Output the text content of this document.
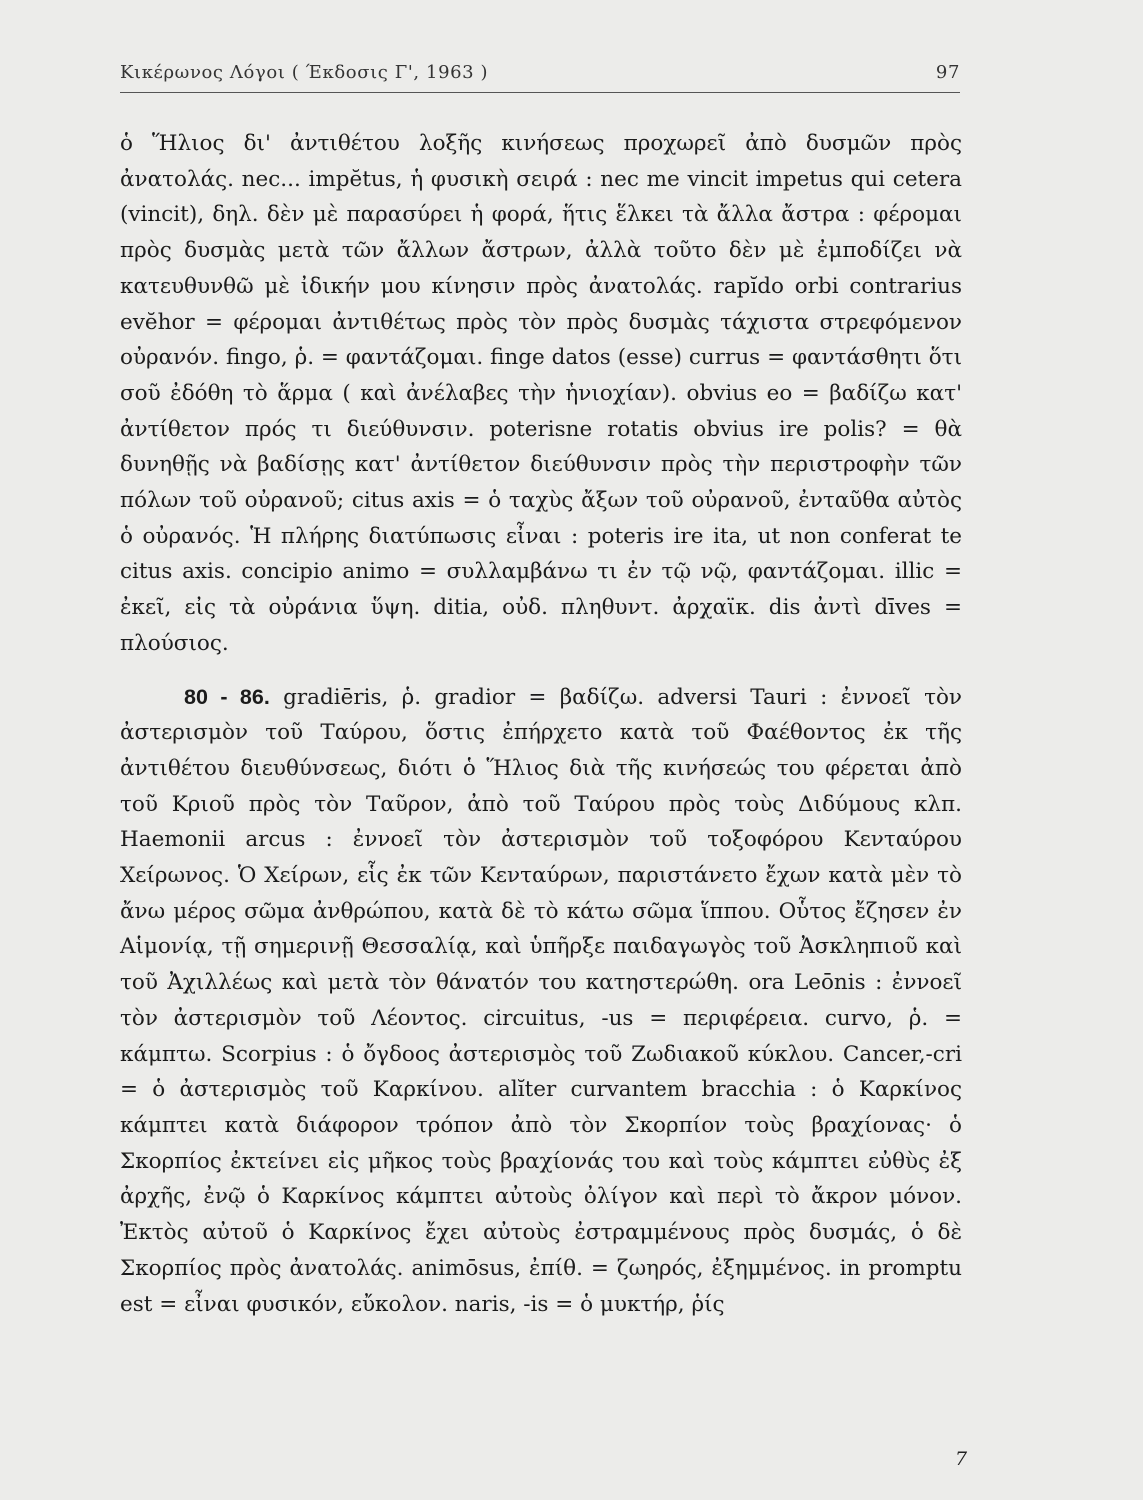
Κικέρωνος Λόγοι ( Έκδοσις Γ', 1963 )	97

ὁ Ἥλιος δι' ἀντιθέτου λοξῆς κινήσεως προχωρεῖ ἀπὸ δυσμῶν πρὸς ἀνατολάς. nec... impĕtus, ἡ φυσικὴ σειρά : nec me vincit impetus qui cetera (vincit), δηλ. δὲν μὲ παρασύρει ἡ φορά, ἥτις ἕλκει τὰ ἄλλα ἄστρα : φέρομαι πρὸς δυσμὰς μετὰ τῶν ἄλλων ἄστρων, ἀλλὰ τοῦτο δὲν μὲ ἐμποδίζει νὰ κατευθυνθῶ μὲ ἰδικήν μου κίνησιν πρὸς ἀνατολάς. rapĭdo orbi contrarius evĕhor = φέρομαι ἀντιθέτως πρὸς τὸν πρὸς δυσμὰς τάχιστα στρεφόμενον οὐρανόν. fingo, ῥ. = φαντάζομαι. finge datos (esse) currus = φαντάσθητι ὅτι σοῦ ἐδόθη τὸ ἅρμα ( καὶ ἀνέλαβες τὴν ἡνιοχίαν). obvius eo = βαδίζω κατ' ἀντίθετον πρός τι διεύθυνσιν. poterisne rotatis obvius ire polis? = θὰ δυνηθῇς νὰ βαδίσῃς κατ' ἀντίθετον διεύθυνσιν πρὸς τὴν περιστροφὴν τῶν πόλων τοῦ οὐρανοῦ; citus axis = ὁ ταχὺς ἄξων τοῦ οὐρανοῦ, ἐνταῦθα αὐτὸς ὁ οὐρανός. Ἡ πλήρης διατύπωσις εἶναι : poteris ire ita, ut non conferat te citus axis. concipio animo = συλλαμβάνω τι ἐν τῷ νῷ, φαντάζομαι. illic = ἐκεῖ, εἰς τὰ οὐράνια ὕψη. ditia, οὐδ. πληθυντ. ἀρχαϊκ. dis ἀντὶ dīves = πλούσιος.

80 - 86. gradiēris, ῥ. gradior = βαδίζω. adversi Tauri : ἐννοεῖ τὸν ἀστερισμὸν τοῦ Ταύρου, ὅστις ἐπήρχετο κατὰ τοῦ Φαέθοντος ἐκ τῆς ἀντιθέτου διευθύνσεως, διότι ὁ Ἥλιος διὰ τῆς κινήσεώς του φέρεται ἀπὸ τοῦ Κριοῦ πρὸς τὸν Ταῦρον, ἀπὸ τοῦ Ταύρου πρὸς τοὺς Διδύμους κλπ. Haemonii arcus : ἐννοεῖ τὸν ἀστερισμὸν τοῦ τοξοφόρου Κενταύρου Χείρωνος. Ὁ Χείρων, εἷς ἐκ τῶν Κενταύρων, παριστάνετο ἔχων κατὰ μὲν τὸ ἄνω μέρος σῶμα ἀνθρώπου, κατὰ δὲ τὸ κάτω σῶμα ἵππου. Οὗτος ἔζησεν ἐν Αἱμονίᾳ, τῇ σημερινῇ Θεσσαλίᾳ, καὶ ὑπῆρξε παιδαγωγὸς τοῦ Ἀσκληπιοῦ καὶ τοῦ Ἀχιλλέως καὶ μετὰ τὸν θάνατόν του κατηστερώθη. ora Leōnis : ἐννοεῖ τὸν ἀστερισμὸν τοῦ Λέοντος. circuitus, -us = περιφέρεια. curvo, ῥ. = κάμπτω. Scorpius : ὁ ὄγδοος ἀστερισμὸς τοῦ Ζωδιακοῦ κύκλου. Cancer,-cri = ὁ ἀστερισμὸς τοῦ Καρκίνου. alĭter curvantem bracchia : ὁ Καρκίνος κάμπτει κατὰ διάφορον τρόπον ἀπὸ τὸν Σκορπίον τοὺς βραχίονας· ὁ Σκορπίος ἐκτείνει εἰς μῆκος τοὺς βραχίονάς του καὶ τοὺς κάμπτει εὐθὺς ἐξ ἀρχῆς, ἐνῷ ὁ Καρκίνος κάμπτει αὐτοὺς ὀλίγον καὶ περὶ τὸ ἄκρον μόνον. Ἐκτὸς αὐτοῦ ὁ Καρκίνος ἔχει αὐτοὺς ἐστραμμένους πρὸς δυσμάς, ὁ δὲ Σκορπίος πρὸς ἀνατολάς. animōsus, ἐπίθ. = ζωηρός, ἐξημμένος. in promptu est = εἶναι φυσικόν, εὔκολον. naris, -is = ὁ μυκτήρ, ῥίς

7
